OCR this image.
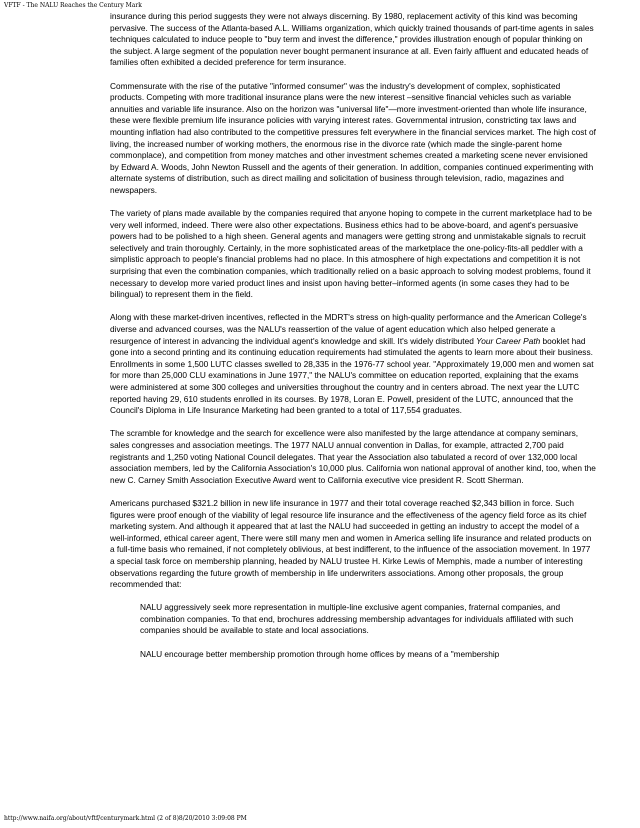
VFTF - The NALU Reaches the Century Mark

insurance during this period suggests they were not always discerning. By 1980, replacement activity of this kind was becoming pervasive. The success of the Atlanta-based A.L. Williams organization, which quickly trained thousands of part-time agents in sales techniques calculated to induce people to "buy term and invest the difference," provides illustration enough of popular thinking on the subject. A large segment of the population never bought permanent insurance at all. Even fairly affluent and educated heads of families often exhibited a decided preference for term insurance.

Commensurate with the rise of the putative "informed consumer" was the industry's development of complex, sophisticated products. Competing with more traditional insurance plans were the new interest –sensitive financial vehicles such as variable annuities and variable life insurance. Also on the horizon was "universal life"—more investment-oriented than whole life insurance, these were flexible premium life insurance policies with varying interest rates. Governmental intrusion, constricting tax laws and mounting inflation had also contributed to the competitive pressures felt everywhere in the financial services market. The high cost of living, the increased number of working mothers, the enormous rise in the divorce rate (which made the single-parent home commonplace), and competition from money matches and other investment schemes created a marketing scene never envisioned by Edward A. Woods, John Newton Russell and the agents of their generation. In addition, companies continued experimenting with alternate systems of distribution, such as direct mailing and solicitation of business through television, radio, magazines and newspapers.

The variety of plans made available by the companies required that anyone hoping to compete in the current marketplace had to be very well informed, indeed. There were also other expectations. Business ethics had to be above-board, and agent's persuasive powers had to be polished to a high sheen. General agents and managers were getting strong and unmistakable signals to recruit selectively and train thoroughly. Certainly, in the more sophisticated areas of the marketplace the one-policy-fits-all peddler with a simplistic approach to people's financial problems had no place. In this atmosphere of high expectations and competition it is not surprising that even the combination companies, which traditionally relied on a basic approach to solving modest problems, found it necessary to develop more varied product lines and insist upon having better–informed agents (in some cases they had to be bilingual) to represent them in the field.

Along with these market-driven incentives, reflected in the MDRT's stress on high-quality performance and the American College's diverse and advanced courses, was the NALU's reassertion of the value of agent education which also helped generate a resurgence of interest in advancing the individual agent's knowledge and skill. It's widely distributed Your Career Path booklet had gone into a second printing and its continuing education requirements had stimulated the agents to learn more about their business. Enrollments in some 1,500 LUTC classes swelled to 28,335 in the 1976-77 school year. "Approximately 19,000 men and women sat for more than 25,000 CLU examinations in June 1977," the NALU's committee on education reported, explaining that the exams were administered at some 300 colleges and universities throughout the country and in centers abroad. The next year the LUTC reported having 29, 610 students enrolled in its courses. By 1978, Loran E. Powell, president of the LUTC, announced that the Council's Diploma in Life Insurance Marketing had been granted to a total of 117,554 graduates.

The scramble for knowledge and the search for excellence were also manifested by the large attendance at company seminars, sales congresses and association meetings. The 1977 NALU annual convention in Dallas, for example, attracted 2,700 paid registrants and 1,250 voting National Council delegates. That year the Association also tabulated a record of over 132,000 local association members, led by the California Association's 10,000 plus. California won national approval of another kind, too, when the new C. Carney Smith Association Executive Award went to California executive vice president R. Scott Sherman.

Americans purchased $321.2 billion in new life insurance in 1977 and their total coverage reached $2,343 billion in force. Such figures were proof enough of the viability of legal resource life insurance and the effectiveness of the agency field force as its chief marketing system. And although it appeared that at last the NALU had succeeded in getting an industry to accept the model of a well-informed, ethical career agent, There were still many men and women in America selling life insurance and related products on a full-time basis who remained, if not completely oblivious, at best indifferent, to the influence of the association movement. In 1977 a special task force on membership planning, headed by NALU trustee H. Kirke Lewis of Memphis, made a number of interesting observations regarding the future growth of membership in life underwriters associations. Among other proposals, the group recommended that:

NALU aggressively seek more representation in multiple-line exclusive agent companies, fraternal companies, and combination companies. To that end, brochures addressing membership advantages for individuals affiliated with such companies should be available to state and local associations.

NALU encourage better membership promotion through home offices by means of a "membership

http://www.naifa.org/about/vftf/centurymark.html (2 of 8)8/20/2010 3:09:08 PM
